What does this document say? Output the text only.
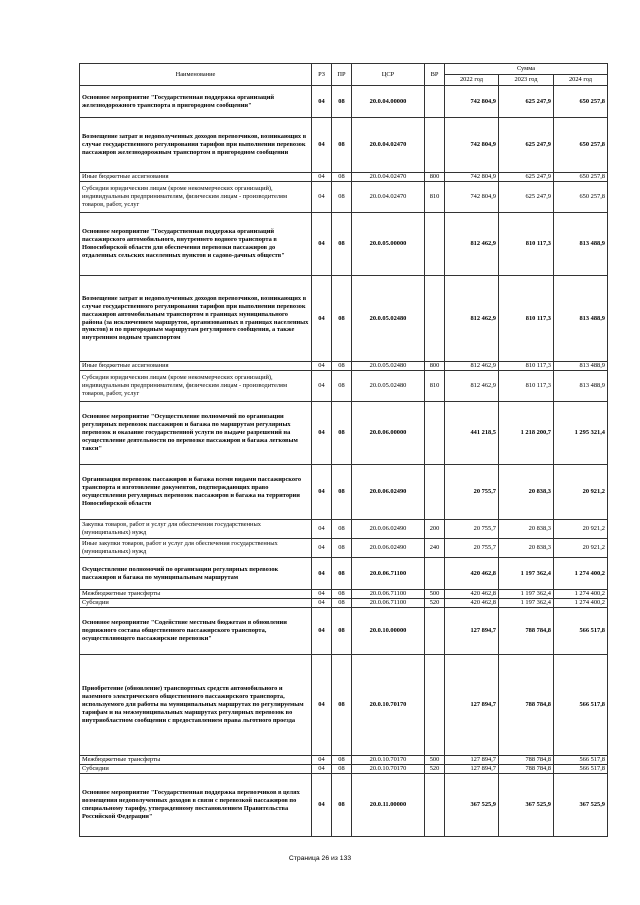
Наименование	РЗ	ПР	ЦСР	ВР	Сумма		
					2022 год	2023 год	2024 год
Основное мероприятие "Государственная поддержка организаций железнодорожного транспорта в пригородном сообщении"	04	08	20.0.04.00000		742 804,9	625 247,9	650 257,8
Возмещение затрат и недополученных доходов перевозчиков, возникающих в случае государственного регулирования тарифов при выполнении перевозок пассажиров железнодорожным транспортом в пригородном сообщении	04	08	20.0.04.02470		742 804,9	625 247,9	650 257,8
Иные бюджетные ассигнования	04	08	20.0.04.02470	800	742 804,9	625 247,9	650 257,8
Субсидии юридическим лицам (кроме некоммерческих организаций), индивидуальным предпринимателям, физическим лицам - производителям товаров, работ, услуг	04	08	20.0.04.02470	810	742 804,9	625 247,9	650 257,8
Основное мероприятие "Государственная поддержка организаций пассажирского автомобильного, внутреннего водного транспорта в Новосибирской области для обеспечения перевозки пассажиров до отдаленных сельских населенных пунктов и садово-дачных обществ"	04	08	20.0.05.00000		812 462,9	810 117,3	813 488,9
Возмещение затрат и недополученных доходов перевозчиков, возникающих в случае государственного регулирования тарифов при выполнении перевозок пассажиров автомобильным транспортом в границах муниципального района (за исключением маршрутов, организованных в границах населенных пунктов) и по пригородным маршрутам регулярного сообщения, а также внутренним водным транспортом	04	08	20.0.05.02480		812 462,9	810 117,3	813 488,9
Иные бюджетные ассигнования	04	08	20.0.05.02480	800	812 462,9	810 117,3	813 488,9
Субсидии юридическим лицам (кроме некоммерческих организаций), индивидуальным предпринимателям, физическим лицам - производителям товаров, работ, услуг	04	08	20.0.05.02480	810	812 462,9	810 117,3	813 488,9
Основное мероприятие "Осуществление полномочий по организации регулярных перевозок пассажиров и багажа по маршрутам регулярных перевозок и оказание государственной услуги по выдаче разрешений на осуществление деятельности по перевозке пассажиров и багажа легковым такси"	04	08	20.0.06.00000		441 218,5	1 218 200,7	1 295 321,4
Организация перевозок пассажиров и багажа всеми видами пассажирского транспорта и изготовление документов, подтверждающих право осуществления регулярных перевозок пассажиров и багажа на территории Новосибирской области	04	08	20.0.06.02490		20 755,7	20 838,3	20 921,2
Закупка товаров, работ и услуг для обеспечения государственных (муниципальных) нужд	04	08	20.0.06.02490	200	20 755,7	20 838,3	20 921,2
Иные закупки товаров, работ и услуг для обеспечения государственных (муниципальных) нужд	04	08	20.0.06.02490	240	20 755,7	20 838,3	20 921,2
Осуществление полномочий по организации регулярных перевозок пассажиров и багажа по муниципальным маршрутам	04	08	20.0.06.71100		420 462,8	1 197 362,4	1 274 400,2
Межбюджетные трансферты	04	08	20.0.06.71100	500	420 462,8	1 197 362,4	1 274 400,2
Субсидии	04	08	20.0.06.71100	520	420 462,8	1 197 362,4	1 274 400,2
Основное мероприятие "Содействие местным бюджетам в обновлении подвижного состава общественного пассажирского транспорта, осуществляющего пассажирские перевозки"	04	08	20.0.10.00000		127 894,7	788 784,8	566 517,8
Приобретение (обновление) транспортных средств автомобильного и наземного электрического общественного пассажирского транспорта, используемого для работы на муниципальных маршрутах по регулируемым тарифам и на межмуниципальных маршрутах регулярных перевозок во внутриобластном сообщении с предоставлением права льготного проезда	04	08	20.0.10.70170		127 894,7	788 784,8	566 517,8
Межбюджетные трансферты	04	08	20.0.10.70170	500	127 894,7	788 784,8	566 517,8
Субсидии	04	08	20.0.10.70170	520	127 894,7	788 784,8	566 517,8
Основное мероприятие "Государственная поддержка перевозчиков в целях возмещения недополученных доходов в связи с перевозкой пассажиров по специальному тарифу, утвержденному постановлением Правительства Российской Федерации"	04	08	20.0.11.00000		367 525,9	367 525,9	367 525,9
Страница 26 из 133
